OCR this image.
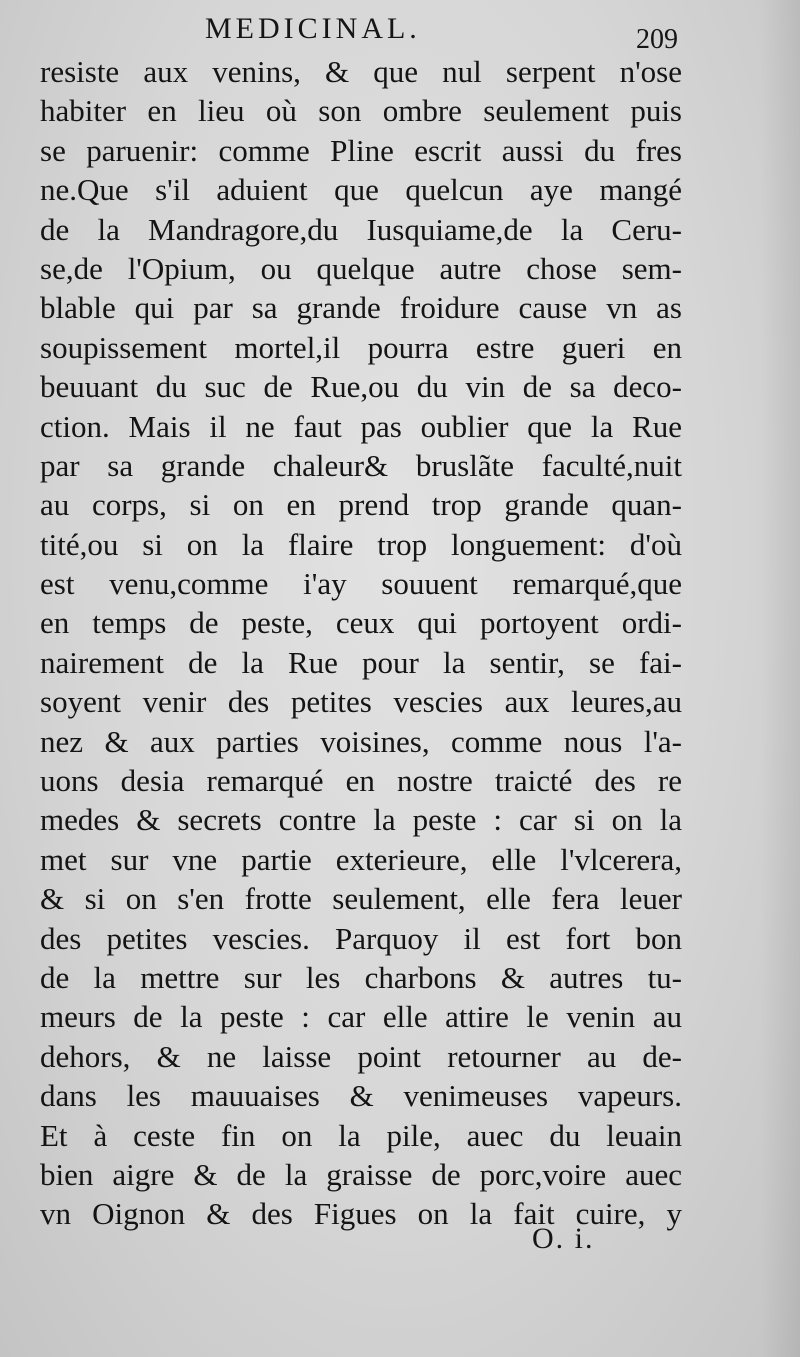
MEDICINAL.	209
resiste aux venins, & que nul serpent n'ose
habiter en lieu où son ombre seulement puis
se paruenir: comme Pline escrit aussi du fres
ne.Que s'il aduient que quelcun aye mangé
de la Mandragore,du Iusquiame,de la Ceru-
se,de l'Opium, ou quelque autre chose sem-
blable qui par sa grande froidure cause vn as
soupissement mortel,il pourra estre gueri en
beuuant du suc de Rue,ou du vin de sa deco-
ction. Mais il ne faut pas oublier que la Rue
par sa grande chaleur& bruslãte faculté,nuit
au corps, si on en prend trop grande quan-
tité,ou si on la flaire trop longuement: d'où
est venu,comme i'ay souuent remarqué,que
en temps de peste, ceux qui portoyent ordi-
nairement de la Rue pour la sentir, se fai-
soyent venir des petites vescies aux leures,au
nez & aux parties voisines, comme nous l'a-
uons desia remarqué en nostre traicté des re
medes & secrets contre la peste : car si on la
met sur vne partie exterieure, elle l'vlcerera,
& si on s'en frotte seulement, elle fera leuer
des petites vescies. Parquoy il est fort bon
de la mettre sur les charbons & autres tu-
meurs de la peste : car elle attire le venin au
dehors, & ne laisse point retourner au de-
dans les mauuaises & venimeuses vapeurs.
Et à ceste fin on la pile, auec du leuain
bien aigre & de la graisse de porc,voire auec
vn Oignon & des Figues on la fait cuire, y
O. i.
